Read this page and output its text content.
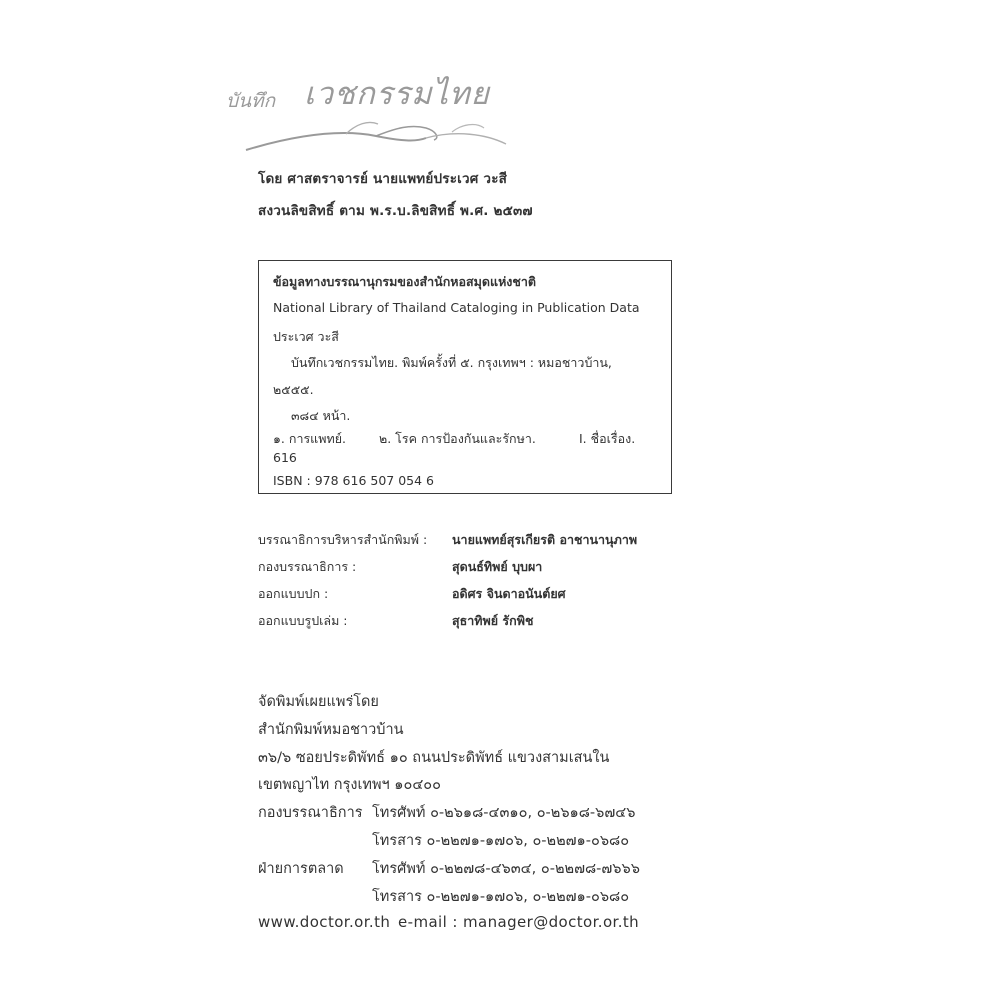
บันทึก เวชกรรมไทย
โดย ศาสตราจารย์ นายแพทย์ประเวศ วะสี
สงวนลิขสิทธิ์ ตาม พ.ร.บ.ลิขสิทธิ์ พ.ศ. ๒๕๓๗
ข้อมูลทางบรรณานุกรมของสำนักหอสมุดแห่งชาติ
National Library of Thailand Cataloging in Publication Data
ประเวศ วะสี
บันทึกเวชกรรมไทย. พิมพ์ครั้งที่ ๕. กรุงเทพฯ : หมอชาวบ้าน,
๒๕๕๕.
๓๘๔ หน้า.
๑. การแพทย์.	๒. โรค การป้องกันและรักษา.	I. ชื่อเรื่อง.
616
ISBN : 978 616 507 054 6
บรรณาธิการบริหารสำนักพิมพ์ : นายแพทย์สุรเกียรติ อาชานานุภาพ
กองบรรณาธิการ :	สุดนธ์ทิพย์ บุบผา
ออกแบบปก :	อดิศร จินดาอนันต์ยศ
ออกแบบรูปเล่ม :	สุธาทิพย์ รักพิช
จัดพิมพ์เผยแพร่โดย
สำนักพิมพ์หมอชาวบ้าน
๓๖/๖ ซอยประดิพัทธ์ ๑๐ ถนนประดิพัทธ์ แขวงสามเสนใน
เขตพญาไท กรุงเทพฯ ๑๐๔๐๐
กองบรรณาธิการ โทรศัพท์ ๐-๒๖๑๘-๔๓๑๐, ๐-๒๖๑๘-๖๗๔๖
โทรสาร ๐-๒๒๗๑-๑๗๐๖, ๐-๒๒๗๑-๐๖๘๐
ฝ่ายการตลาด โทรศัพท์ ๐-๒๒๗๘-๔๖๓๔, ๐-๒๒๗๘-๗๖๖๖
โทรสาร ๐-๒๒๗๑-๑๗๐๖, ๐-๒๒๗๑-๐๖๘๐
www.doctor.or.th e-mail : manager@doctor.or.th
